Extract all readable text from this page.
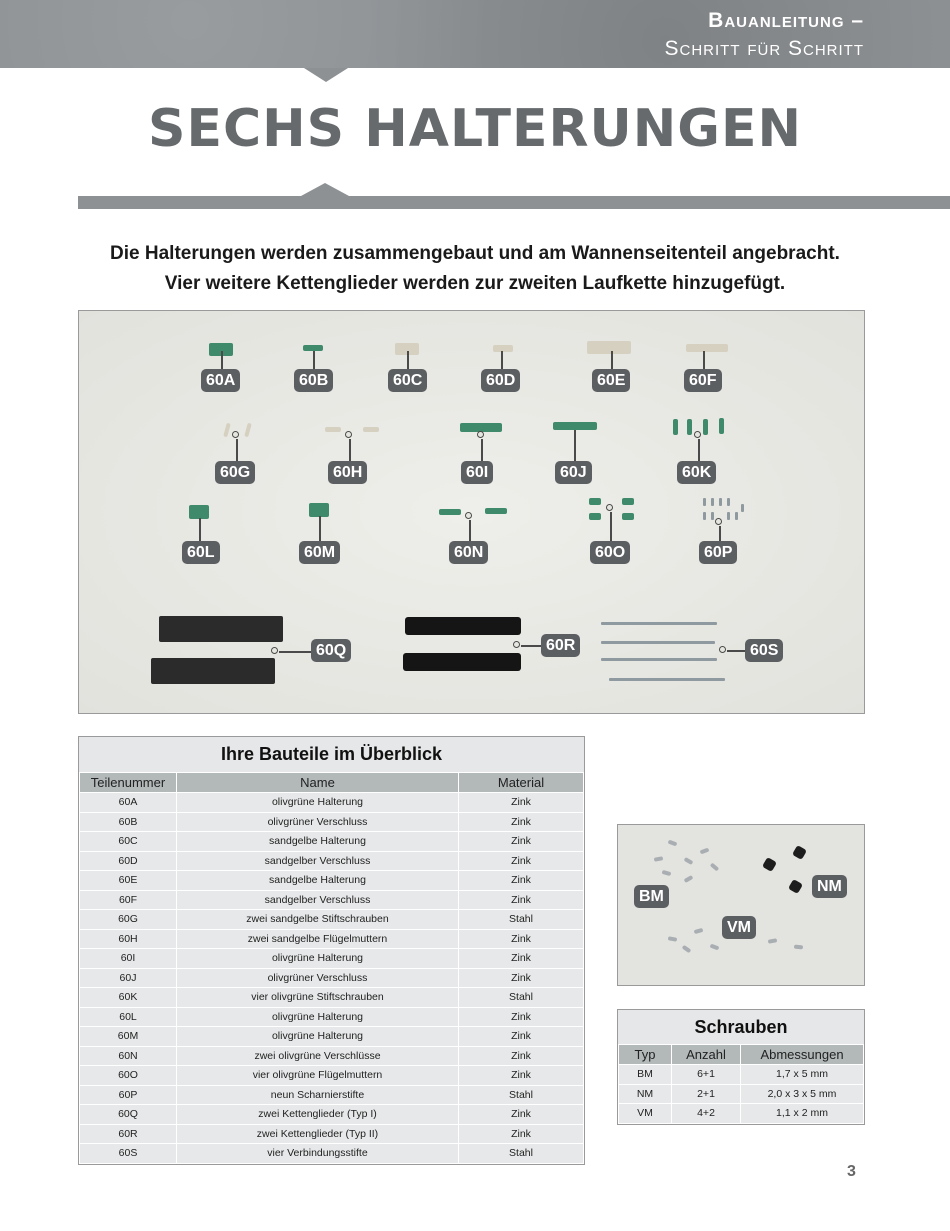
Bauanleitung –
Schritt für Schritt
SECHS HALTERUNGEN
Die Halterungen werden zusammengebaut und am Wannenseitenteil angebracht.
Vier weitere Kettenglieder werden zur zweiten Laufkette hinzugefügt.
60A	60B	60C	60D	60E	60F
60G	60H	60I	60J	60K
60L	60M	60N	60O	60P
60Q	60R	60S
Ihre Bauteile im Überblick
Teilenummer	Name	Material
60A	olivgrüne Halterung	Zink
60B	olivgrüner Verschluss	Zink
60C	sandgelbe Halterung	Zink
60D	sandgelber Verschluss	Zink
60E	sandgelbe Halterung	Zink
60F	sandgelber Verschluss	Zink
60G	zwei sandgelbe Stiftschrauben	Stahl
60H	zwei sandgelbe Flügelmuttern	Zink
60I	olivgrüne Halterung	Zink
60J	olivgrüner Verschluss	Zink
60K	vier olivgrüne Stiftschrauben	Stahl
60L	olivgrüne Halterung	Zink
60M	olivgrüne Halterung	Zink
60N	zwei olivgrüne Verschlüsse	Zink
60O	vier olivgrüne Flügelmuttern	Zink
60P	neun Scharnierstifte	Stahl
60Q	zwei Kettenglieder (Typ I)	Zink
60R	zwei Kettenglieder (Typ II)	Zink
60S	vier Verbindungsstifte	Stahl
BM
NM
VM
Schrauben
Typ	Anzahl	Abmessungen
BM	6+1	1,7 x 5 mm
NM	2+1	2,0 x 3 x 5 mm
VM	4+2	1,1 x 2 mm
3
